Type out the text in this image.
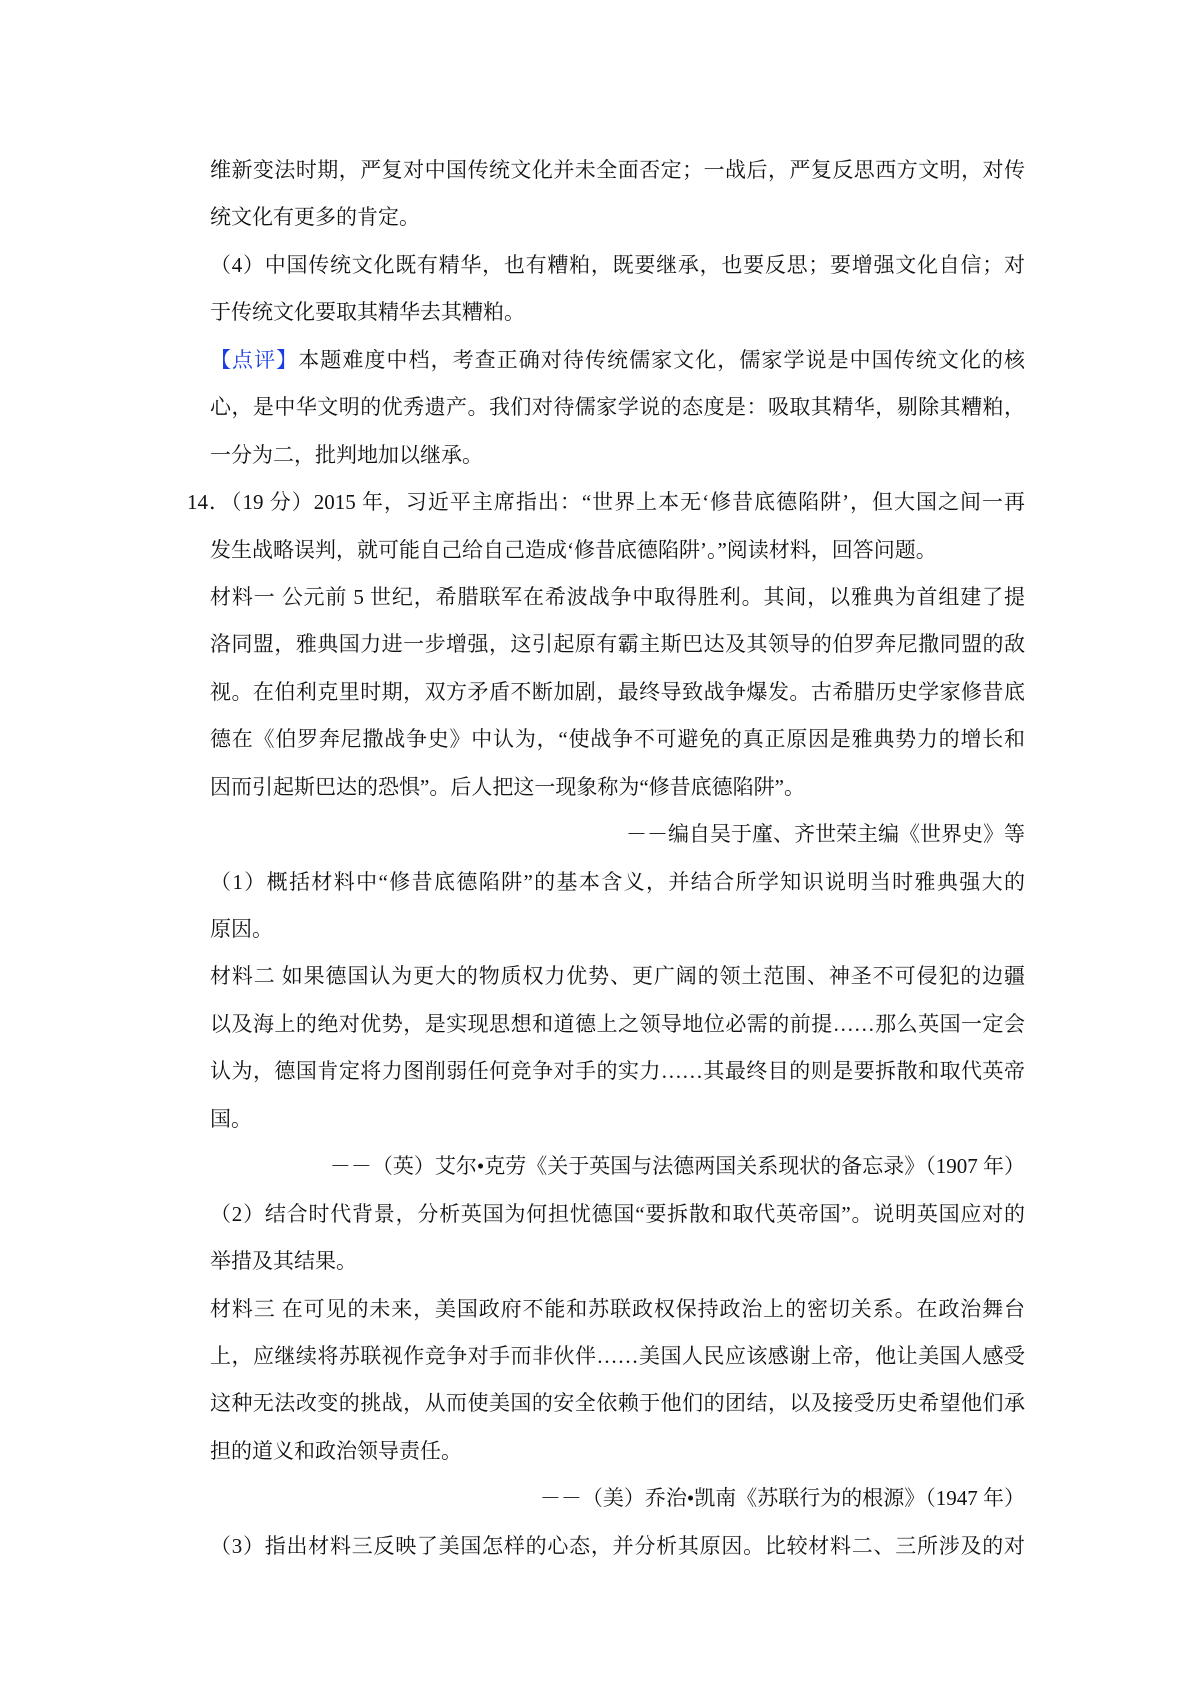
维新变法时期，严复对中国传统文化并未全面否定；一战后，严复反思西方文明，对传
统文化有更多的肯定。
（4）中国传统文化既有精华，也有糟粕，既要继承，也要反思；要增强文化自信；对
于传统文化要取其精华去其糟粕。
【点评】本题难度中档，考查正确对待传统儒家文化，儒家学说是中国传统文化的核
心，是中华文明的优秀遗产。我们对待儒家学说的态度是：吸取其精华，剔除其糟粕，
一分为二，批判地加以继承。
14．（19 分）2015 年，习近平主席指出：“世界上本无‘修昔底德陷阱’，但大国之间一再
发生战略误判，就可能自己给自己造成‘修昔底德陷阱’。”阅读材料，回答问题。
材料一 公元前 5 世纪，希腊联军在希波战争中取得胜利。其间，以雅典为首组建了提
洛同盟，雅典国力进一步增强，这引起原有霸主斯巴达及其领导的伯罗奔尼撒同盟的敌
视。在伯利克里时期，双方矛盾不断加剧，最终导致战争爆发。古希腊历史学家修昔底
德在《伯罗奔尼撒战争史》中认为，“使战争不可避免的真正原因是雅典势力的增长和
因而引起斯巴达的恐惧”。后人把这一现象称为“修昔底德陷阱”。
－－编自吴于廑、齐世荣主编《世界史》等
（1）概括材料中“修昔底德陷阱”的基本含义，并结合所学知识说明当时雅典强大的
原因。
材料二 如果德国认为更大的物质权力优势、更广阔的领土范围、神圣不可侵犯的边疆
以及海上的绝对优势，是实现思想和道德上之领导地位必需的前提……那么英国一定会
认为，德国肯定将力图削弱任何竞争对手的实力……其最终目的则是要拆散和取代英帝
国。
－－（英）艾尔•克劳《关于英国与法德两国关系现状的备忘录》（1907 年）
（2）结合时代背景，分析英国为何担忧德国“要拆散和取代英帝国”。说明英国应对的
举措及其结果。
材料三 在可见的未来，美国政府不能和苏联政权保持政治上的密切关系。在政治舞台
上，应继续将苏联视作竞争对手而非伙伴……美国人民应该感谢上帝，他让美国人感受
这种无法改变的挑战，从而使美国的安全依赖于他们的团结，以及接受历史希望他们承
担的道义和政治领导责任。
－－（美）乔治•凯南《苏联行为的根源》（1947 年）
（3）指出材料三反映了美国怎样的心态，并分析其原因。比较材料二、三所涉及的对
